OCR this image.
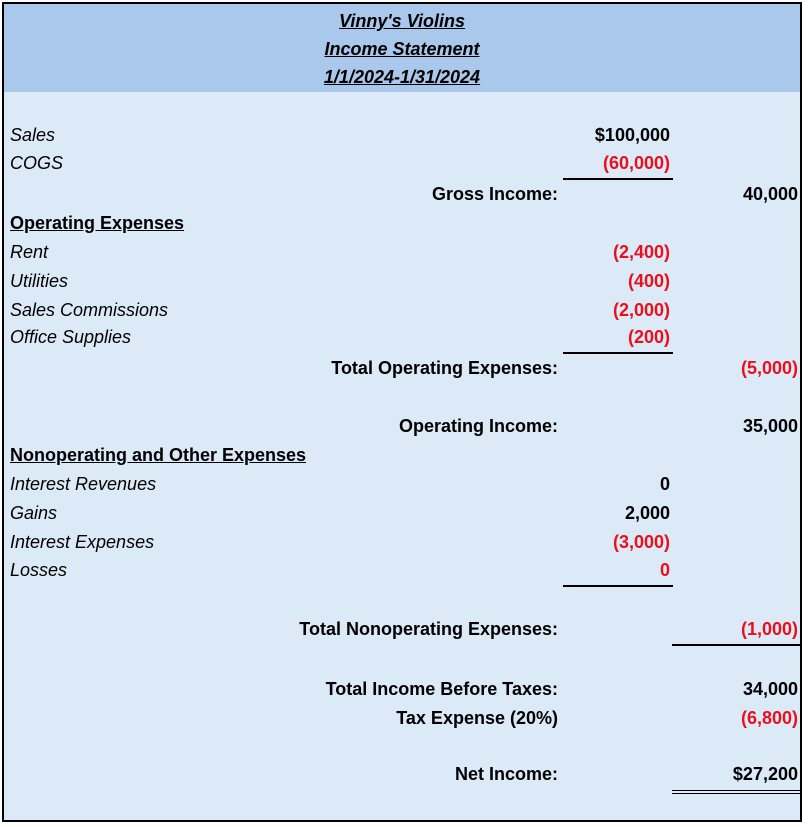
Vinny's Violins
Income Statement
1/1/2024-1/31/2024
Sales	$100,000
COGS	(60,000)
Gross Income:	40,000
Operating Expenses
Rent	(2,400)
Utilities	(400)
Sales Commissions	(2,000)
Office Supplies	(200)
Total Operating Expenses:	(5,000)
Operating Income:	35,000
Nonoperating and Other Expenses
Interest Revenues	0
Gains	2,000
Interest Expenses	(3,000)
Losses	0
Total Nonoperating Expenses:	(1,000)
Total Income Before Taxes:	34,000
Tax Expense (20%)	(6,800)
Net Income:	$27,200
